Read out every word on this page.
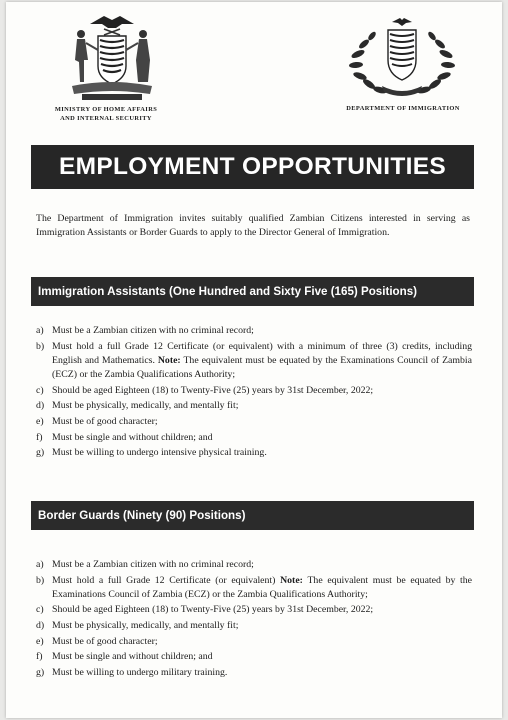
MINISTRY OF HOME AFFAIRS
AND INTERNAL SECURITY
DEPARTMENT OF IMMIGRATION
EMPLOYMENT OPPORTUNITIES
The Department of Immigration invites suitably qualified Zambian Citizens interested in serving as Immigration Assistants or Border Guards to apply to the Director General of Immigration.
Immigration Assistants (One Hundred and Sixty Five (165) Positions)
a) Must be a Zambian citizen with no criminal record;
b) Must hold a full Grade 12 Certificate (or equivalent) with a minimum of three (3) credits, including English and Mathematics. Note: The equivalent must be equated by the Examinations Council of Zambia (ECZ) or the Zambia Qualifications Authority;
c) Should be aged Eighteen (18) to Twenty-Five (25) years by 31st December, 2022;
d) Must be physically, medically, and mentally fit;
e) Must be of good character;
f) Must be single and without children; and
g) Must be willing to undergo intensive physical training.
Border Guards (Ninety (90) Positions)
a) Must be a Zambian citizen with no criminal record;
b) Must hold a full Grade 12 Certificate (or equivalent) Note: The equivalent must be equated by the Examinations Council of Zambia (ECZ) or the Zambia Qualifications Authority;
c) Should be aged Eighteen (18) to Twenty-Five (25) years by 31st December, 2022;
d) Must be physically, medically, and mentally fit;
e) Must be of good character;
f) Must be single and without children; and
g) Must be willing to undergo military training.
